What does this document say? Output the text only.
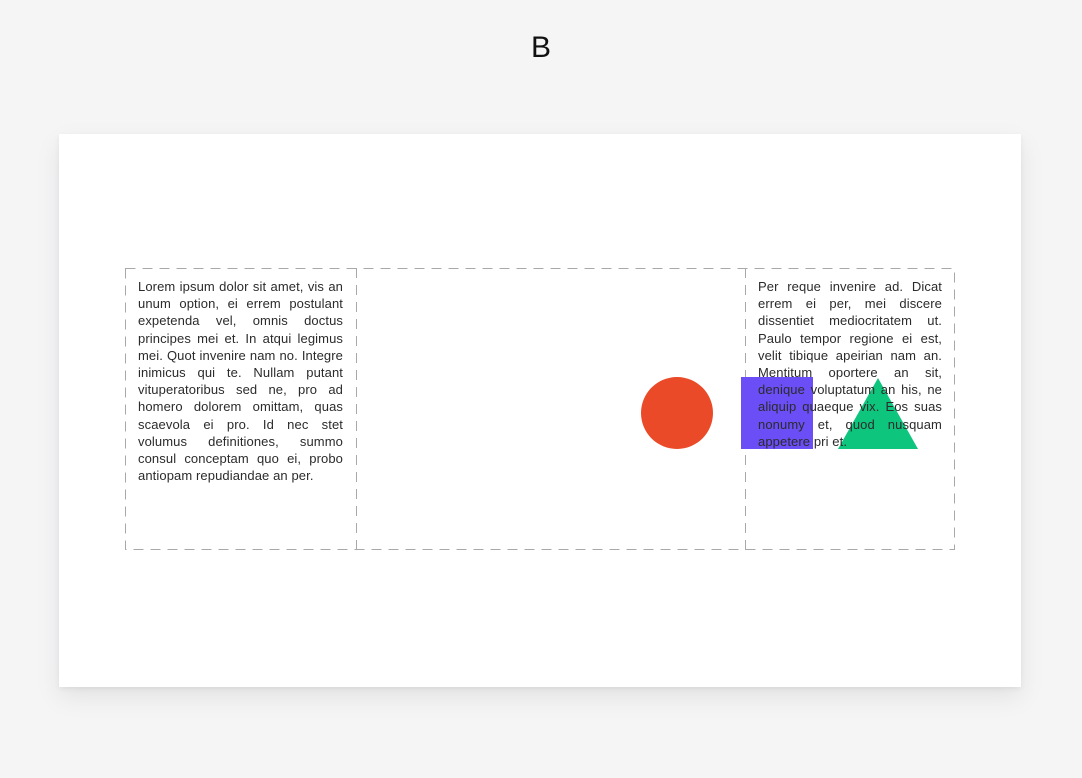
B
Lorem ipsum dolor sit amet, vis an unum option, ei errem postulant expetenda vel, omnis doctus principes mei et. In atqui legimus mei. Quot invenire nam no. Integre inimicus qui te. Nullam putant vituperatoribus sed ne, pro ad homero dolorem omittam, quas scaevola ei pro. Id nec stet volumus definitiones, summo consul conceptam quo ei, probo antiopam repudiandae an per.
Per reque invenire ad. Dicat errem ei per, mei discere dissentiet mediocritatem ut. Paulo tempor regione ei est, velit tibique apeirian nam an. Mentitum oportere an sit, denique voluptatum an his, ne aliquip quaeque vix. Eos suas nonumy et, quod nusquam appetere pri et.
